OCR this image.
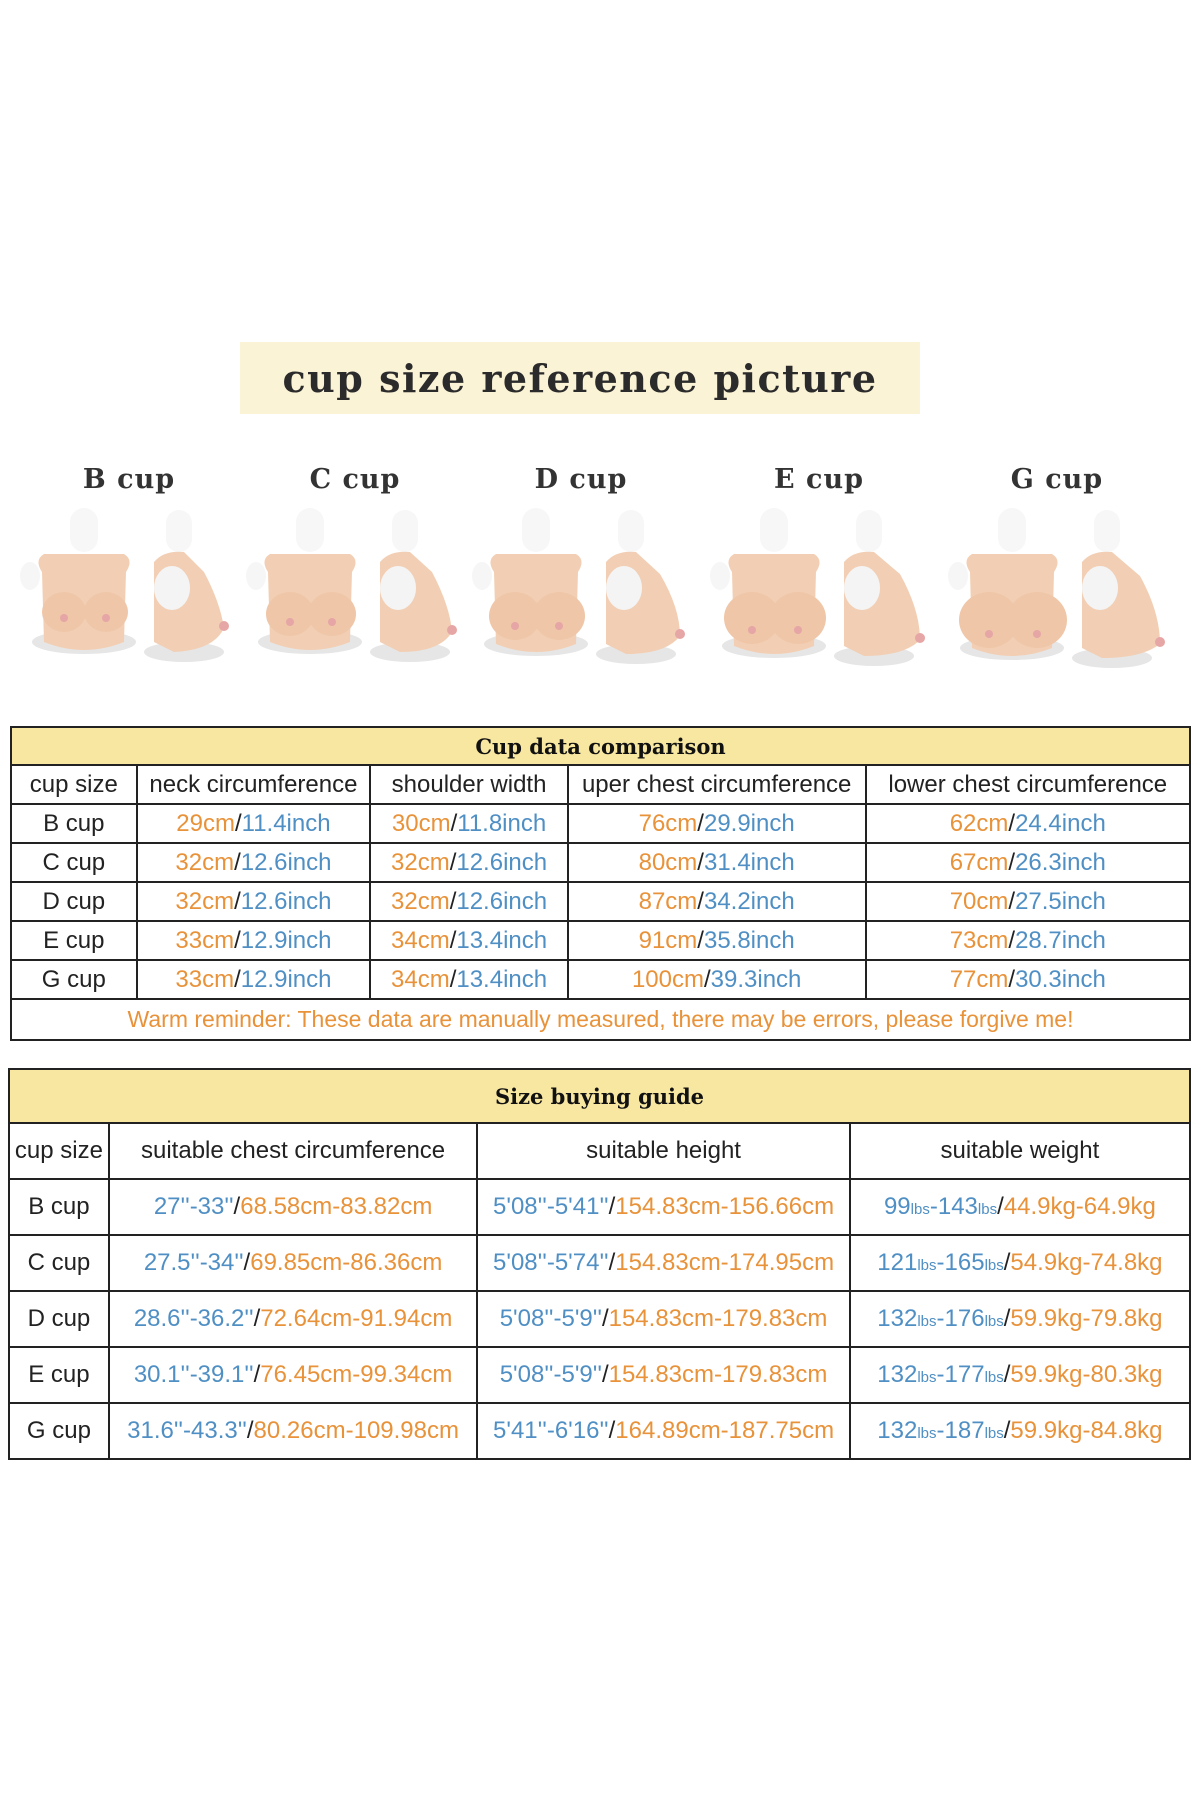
cup size reference picture
B cup	C cup	D cup	E cup	G cup
Cup data comparison				
cup size	neck circumference	shoulder width	uper chest circumference	lower chest circumference
B cup	29cm/11.4inch	30cm/11.8inch	76cm/29.9inch	62cm/24.4inch
C cup	32cm/12.6inch	32cm/12.6inch	80cm/31.4inch	67cm/26.3inch
D cup	32cm/12.6inch	32cm/12.6inch	87cm/34.2inch	70cm/27.5inch
E cup	33cm/12.9inch	34cm/13.4inch	91cm/35.8inch	73cm/28.7inch
G cup	33cm/12.9inch	34cm/13.4inch	100cm/39.3inch	77cm/30.3inch
Warm reminder: These data are manually measured, there may be errors, please forgive me!				
Size buying guide			
cup size	suitable chest circumference	suitable height	suitable weight
B cup	27''-33''/68.58cm-83.82cm	5'08''-5'41''/154.83cm-156.66cm	99lbs-143lbs/44.9kg-64.9kg
C cup	27.5''-34''/69.85cm-86.36cm	5'08''-5'74''/154.83cm-174.95cm	121lbs-165lbs/54.9kg-74.8kg
D cup	28.6''-36.2''/72.64cm-91.94cm	5'08''-5'9''/154.83cm-179.83cm	132lbs-176lbs/59.9kg-79.8kg
E cup	30.1''-39.1''/76.45cm-99.34cm	5'08''-5'9''/154.83cm-179.83cm	132lbs-177lbs/59.9kg-80.3kg
G cup	31.6''-43.3''/80.26cm-109.98cm	5'41''-6'16''/164.89cm-187.75cm	132lbs-187lbs/59.9kg-84.8kg
